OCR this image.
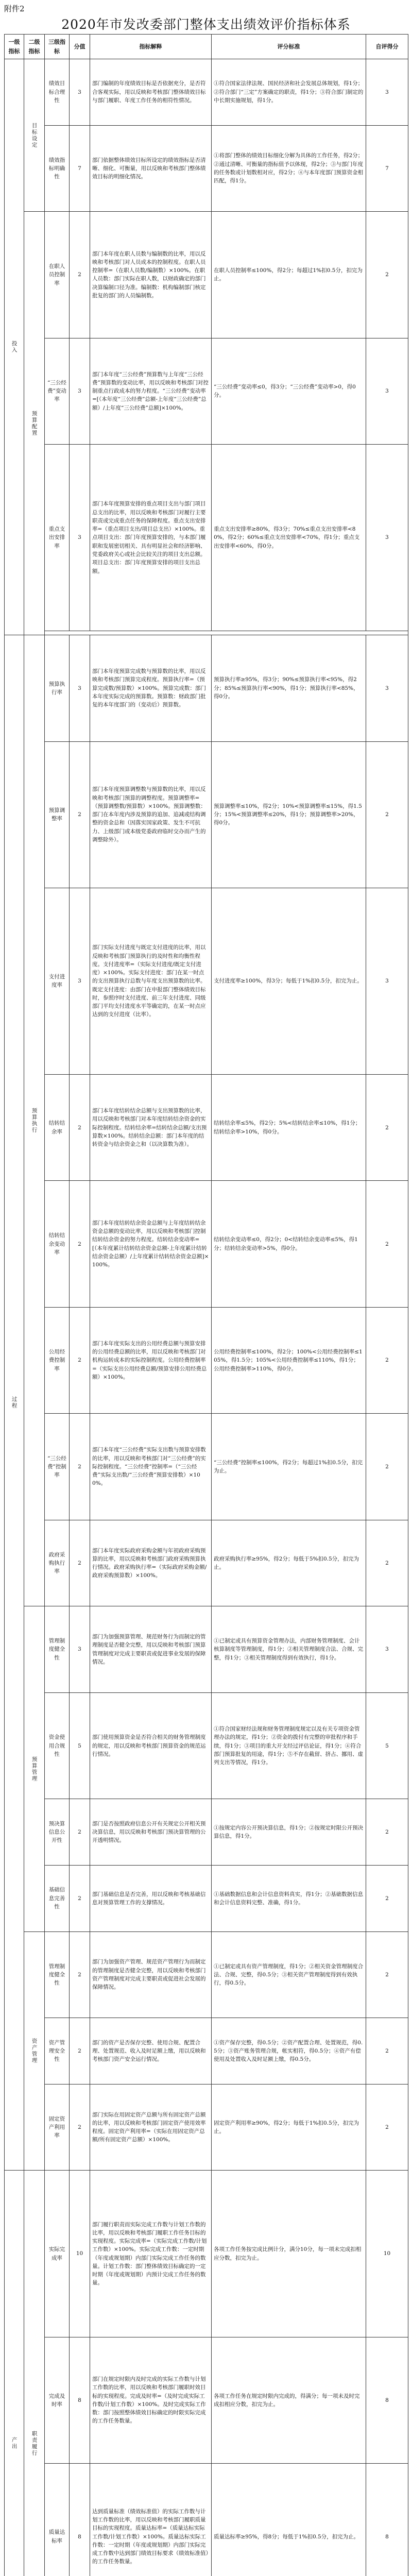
附件2
2020年市发改委部门整体支出绩效评价指标体系
一级指标	二级指标	三级指标	分值	指标解释	评分标准	自评得分
投入	目标设定	绩效目标合理性	3	部门编制的年度绩效目标是否依据充分，是否符合客观实际，用以反映和考核部门整体绩效目标与部门履职、年度工作任务的相符性情况。	①符合国家法律法规、国民经济和社会发展总体规划，得1分；②符合部门“三定”方案确定的职责，得1分；③符合部门制定的中长期实施规划，得1分。	3
		绩效指标明确性	7	部门依据整体绩效目标所设定的绩效指标是否清晰、细化、可衡量，用以反映和考核部门整体绩效目标的明细化情况。	①将部门整体的绩效目标细化分解为具体的工作任务，得2分；②通过清晰、可衡量的指标值予以体现，得2分；③与部门年度的任务数或计划数相对应，得2分；④与本年度部门预算资金相匹配，得1分。	7
	预算配置	在职人员控制率	2	部门本年度在职人员数与编制数的比率，用以反映和考核部门对人员成本的控制程度。在职人员控制率=（在职人员数/编制数）×100%。在职人员数：部门实际在职人数，以财政确定的部门决算编制口径为准。编制数：机构编制部门核定批复的部门的人员编制数。	在职人员控制率≤100%，得2分；每超过1%扣0.5分，扣完为止。	2
		“三公经费”变动率	3	部门本年度“三公经费”预算数与上年度“三公经费”预算数的变动比率，用以反映和考核部门对控制重点行政成本的努力程度。“三公经费”变动率=[（本年度“三公经费”总额-上年度“三公经费”总额）/上年度“三公经费”总额]×100%。	“三公经费”变动率≤0，得3分；“三公经费”变动率>0，得0分。	3
		重点支出安排率	3	部门本年度预算安排的重点项目支出与部门项目总支出的比率，用以反映和考核部门对履行主要职责或完成重点任务的保障程度。重点支出安排率=（重点项目支出/项目总支出）×100%。重点项目支出：部门年度预算安排的，与本部门履职和发展密切相关、具有明显社会和经济影响、党委政府关心或社会比较关注的项目支出总额。项目总支出：部门年度预算安排的项目支出总额。	重点支出安排率≥80%，得3分；70%≤重点支出安排率<80%，得2分；60%≤重点支出安排率<70%，得1分；重点支出安排率<60%，得0分。	3

过程	预算执行	预算执行率	3	部门本年度预算完成数与预算数的比率，用以反映和考核部门预算完成程度。预算执行率=（预算完成数/预算数）×100%。预算完成数：部门本年度实际完成的预算数。预算数：财政部门批复的本年度部门的（变动后）预算数。	预算执行率≥95%，得3分；90%≤预算执行率<95%，得2分；85%≤预算执行率<90%，得1分；预算执行率<85%，得0分。	3
		预算调整率	2	部门本年度预算调整数与预算数的比率，用以反映和考核部门预算的调整程度。预算调整率=（预算调整数/预算数）×100%。预算调整数：部门在本年度内涉及预算的追加、追减或结构调整的资金总和（因落实国家政策、发生不可抗力、上级部门或本级党委政府临时交办而产生的调整除外）。	预算调整率≤10%，得2分；10%<预算调整率≤15%，得1.5分；15%<预算调整率≤20%，得1分；预算调整率>20%，得0分。	2
		支付进度率	3	部门实际支付进度与既定支付进度的比率，用以反映和考核部门预算执行的及时性和均衡性程度。支付进度率=（实际支付进度/既定支付进度）×100%。实际支付进度：部门在某一时点的支出预算执行总数与年度支出预算数的比率。既定支付进度：由部门在申报部门整体绩效目标时，参照序时支付进度、前三年支付进度、同级部门平均支付进度水平等确定的，在某一时点应达到的支付进度（比率）。	支付进度率≥100%，得3分；每低于1%扣0.5分，扣完为止。	3
		结转结余率	2	部门本年度结转结余总额与支出预算数的比率，用以反映和考核部门对本年度结转结余资金的实际控制程度。结转结余率=结转结余总额/支出预算数×100%。结转结余总额：部门本年度的结转资金与结余资金之和（以决算数为准）。	结转结余率≤5%，得2分；5%<结转结余率≤10%，得1分；结转结余率>10%，得0分。	2
		结转结余变动率	2	部门本年度结转结余资金总额与上年度结转结余资金总额的变动比率，用以反映和考核部门控制结转结余资金的努力程度。结转结余变动率=[（本年度累计结转结余资金总额-上年度累计结转结余资金总额）/上年度累计结转结余资金总额]×100%。	结转结余变动率≤0，得2分；0<结转结余变动率≤5%，得1分；结转结余变动率>5%，得0分。	2
		公用经费控制率	2	部门本年度实际支出的公用经费总额与预算安排的公用经费总额的比率，用以反映和考核部门对机构运转成本的实际控制程度。公用经费控制率=（实际支出公用经费总额/预算安排公用经费总额）×100%。	公用经费控制率≤100%，得2分；100%<公用经费控制率≤105%，得1.5分；105%<公用经费控制率≤110%，得1分；公用经费控制率>110%，得0分。	2
		“三公经费”控制率	2	部门本年度“三公经费”实际支出数与预算安排数的比率，用以反映和考核部门对“三公经费”的实际控制程度。“三公经费”控制率=（“三公经费”实际支出数/“三公经费”预算安排数）×100%。	“三公经费”控制率≤100%，得2分；每超过1%扣0.5分，扣完为止。	2
		政府采购执行率	2	部门本年度实际政府采购金额与年初政府采购预算的比率，用以反映和考核部门政府采购预算执行情况。政府采购执行率=（实际政府采购金额/政府采购预算数）×100%。	政府采购执行率≥95%，得2分；每低于5%扣0.5分，扣完为止。	2
	预算管理	管理制度健全性	3	部门为加强预算管理、规范财务行为而制定的管理制度是否健全完整，用以反映和考核部门预算管理制度对完成主要职责或促进事业发展的保障情况。	①已制定或具有预算资金管理办法，内部财务管理制度、会计核算制度等管理制度，得1分；②相关管理制度合法、合规、完整，得1分；③相关管理制度得到有效执行，得1分。	3
		资金使用合规性	5	部门使用预算资金是否符合相关的财务管理制度的规定，用以反映和考核部门预算资金的规范运行情况。	①符合国家财经法规和财务管理制度规定以及有关专项资金管理办法的规定，得1分；②资金的拨付有完整的审批程序和手续，得1分；③项目的重大开支经过评估论证，得1分；④符合部门预算批复的用途，得1分；⑤不存在截留、挤占、挪用、虚列支出等情况，得1分。	5
		预决算信息公开性	2	部门是否按照政府信息公开有关规定公开相关预决算信息，用以反映和考核部门预决算管理的公开透明情况。	①按规定内容公开预决算信息，得1分；②按规定时限公开预决算信息，得1分。	2
		基础信息完善性	2	部门基础信息是否完善，用以反映和考核基础信息对预算管理工作的支撑情况。	①基础数据信息和会计信息资料真实，得1分；②基础数据信息和会计信息资料完整、准确，得1分。	2
	资产管理	管理制度健全性	2	部门为加强资产管理、规范资产管理行为而制定的管理制度是否健全完整，用以反映和考核部门资产管理制度对完成主要职责或促进社会发展的保障情况。	①已制定或具有资产管理制度，得1分；②相关资金管理制度合法、合规、完整，得0.5分；③相关资产管理制度得到有效执行，得0.5分。	2
		资产管理安全性	2	部门的资产是否保存完整、使用合规、配置合理、处置规范、收入及时足额上缴，用以反映和考核部门资产安全运行情况。	①资产保存完整，得0.5分；②资产配置合理、处置规范，得0.5分；③资产账务管理合规，帐实相符，得0.5分；④资产有偿使用及处置收入及时足额上缴，得0.5分。	2
		固定资产利用率	2	部门实际在用固定资产总额与所有固定资产总额的比率，用以反映和考核部门固定资产使用效率程度。固定资产利用率=（实际在用固定资产总额/所有固定资产总额）×100%。	固定资产利用率≥90%，得2分；每低于1%扣0.5分，扣完为止。	2
产出	职责履行	实际完成率	10	部门履行职责而实际完成工作数与计划工作数的比率，用以反映和考核部门履职工作任务目标的实现程度。实际完成率=（实际完成工作数/计划工作数）×100%。实际完成工作数：一定时期（年度或规划期）内部门实际完成工作任务的数量。计划工作数：部门整体绩效目标确定的一定时期（年度或规划期）内预计完成工作任务的数量。	各项工作任务按完成比例计分，满分10分，每一项未完成扣相应分数，扣完为止。	10
		完成及时率	8	部门在规定时限内及时完成的实际工作数与计划工作数的比率，用以反映和考核部门履职时效目标的实现程度。完成及时率=（及时完成实际工作数/计划工作数）×100%。及时完成实际工作数：部门按照整体绩效目标确定的时限实际完成的工作任务数量。	各项工作任务在规定时限内完成的，得满分；每一项未及时完成扣相应分数，扣完为止。	8
		质量达标率	8	达到质量标准（绩效标准值）的实际工作数与计划工作数的比率，用以反映和考核部门履职质量目标的实现程度。质量达标率=（质量达标实际工作数/计划工作数）×100%。质量达标实际工作数：一定时期（年度或规划期）内部门实际完成工作数中达到部门绩效目标要求（绩效标准值）的工作任务数量。	质量达标率≥95%，得8分；每低于1%扣0.5分，扣完为止。	8
